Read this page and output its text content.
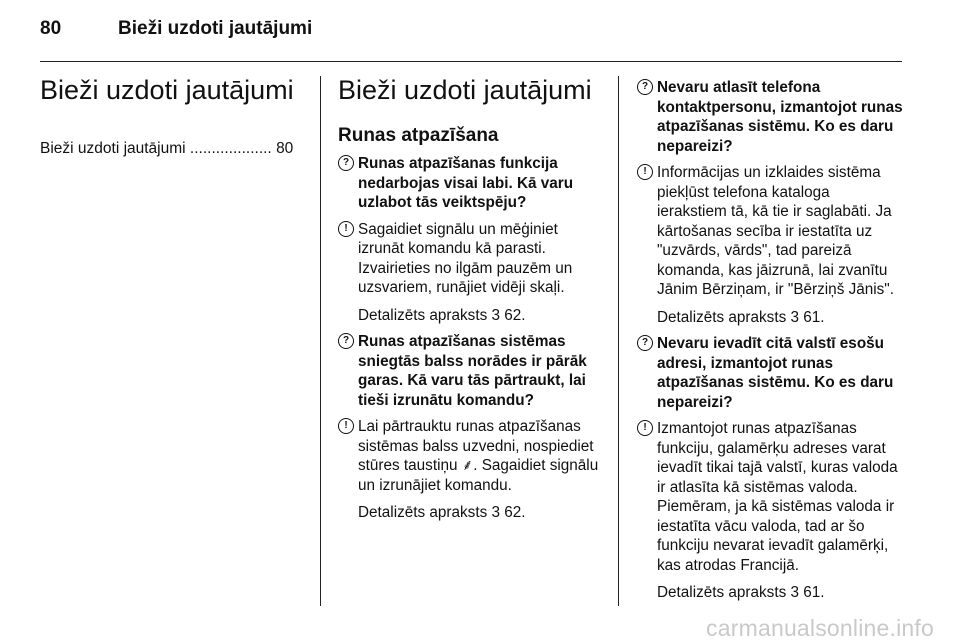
80	Bieži uzdoti jautājumi
Bieži uzdoti jautājumi
Bieži uzdoti jautājumi ................... 80
Bieži uzdoti jautājumi
Runas atpazīšana
? Runas atpazīšanas funkcija nedarbojas visai labi. Kā varu uzlabot tās veiktspēju?
! Sagaidiet signālu un mēģiniet izrunāt komandu kā parasti. Izvairieties no ilgām pauzēm un uzsvariem, runājiet vidēji skaļi.
Detalizēts apraksts 3 62.
? Runas atpazīšanas sistēmas sniegtās balss norādes ir pārāk garas. Kā varu tās pārtraukt, lai tieši izrunātu komandu?
! Lai pārtrauktu runas atpazīšanas sistēmas balss uzvedni, nospiediet stūres taustiņu ⸙. Sagaidiet signālu un izrunājiet komandu.
Detalizēts apraksts 3 62.
? Nevaru atlasīt telefona kontaktpersonu, izmantojot runas atpazīšanas sistēmu. Ko es daru nepareizi?
! Informācijas un izklaides sistēma piekļūst telefona kataloga ierakstiem tā, kā tie ir saglabāti. Ja kārtošanas secība ir iestatīta uz "uzvārds, vārds", tad pareizā komanda, kas jāizrunā, lai zvanītu Jānim Bērziņam, ir "Bērziņš Jānis".
Detalizēts apraksts 3 61.
? Nevaru ievadīt citā valstī esošu adresi, izmantojot runas atpazīšanas sistēmu. Ko es daru nepareizi?
! Izmantojot runas atpazīšanas funkciju, galamērķu adreses varat ievadīt tikai tajā valstī, kuras valoda ir atlasīta kā sistēmas valoda. Piemēram, ja kā sistēmas valoda ir iestatīta vācu valoda, tad ar šo funkciju nevarat ievadīt galamērķi, kas atrodas Francijā.
Detalizēts apraksts 3 61.
carmanualsonline.info
